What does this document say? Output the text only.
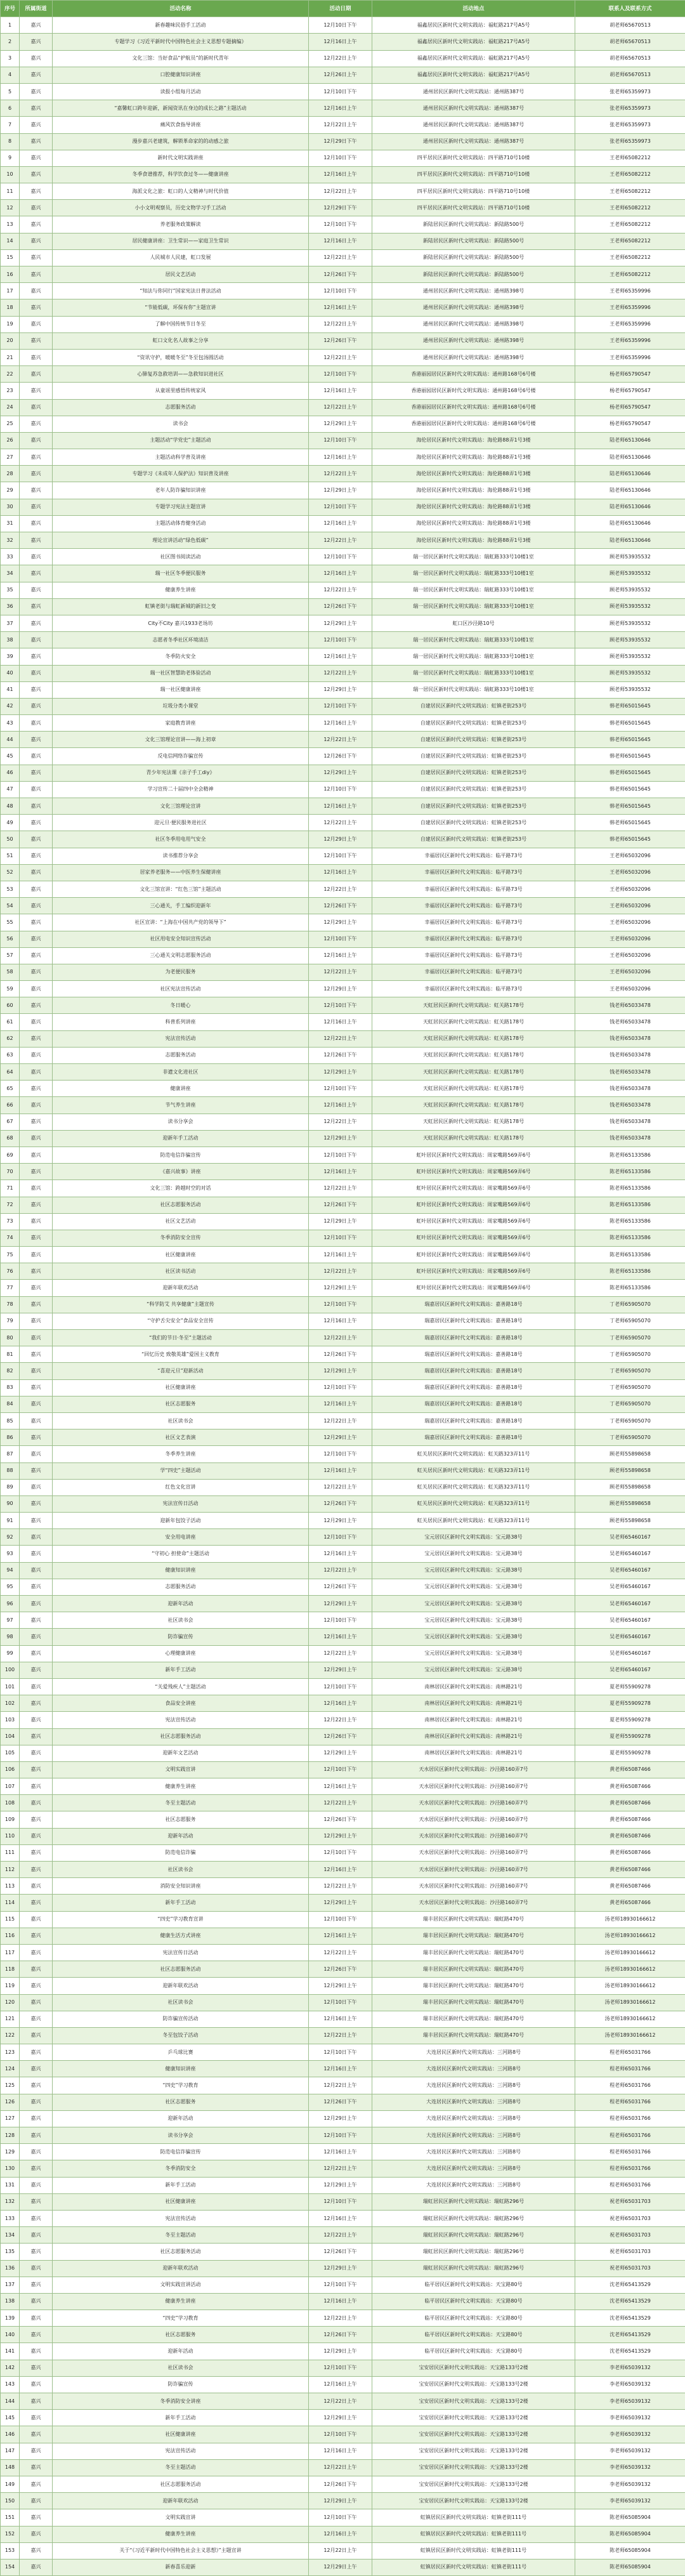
序号	所属街道	活动名称	活动日期	活动地点	联系人及联系方式
1	嘉兴	新春趣味民俗手工活动	12月10日下午	福鑫居民区新时代文明实践站：福虹路217号A5号	胡老师65670513
2	嘉兴	专题学习《习近平新时代中国特色社会主义思想专题摘编》	12月16日上午	福鑫居民区新时代文明实践站：福虹路217号A5号	胡老师65670513
3	嘉兴	文化三馆：当好食品“护航员”的新时代青年	12月22日上午	福鑫居民区新时代文明实践站：福虹路217号A5号	胡老师65670513
4	嘉兴	口腔健康知识讲座	12月26日上午	福鑫居民区新时代文明实践站：福虹路217号A5号	胡老师65670513
5	嘉兴	读报小组每月活动	12月10日下午	通州居民区新时代文明实践站：通州路387号	张老师65359973
6	嘉兴	“嘉馨虹口跨年迎新，新闻资讯在身边的成长之路”主题活动	12月16日上午	通州居民区新时代文明实践站：通州路387号	张老师65359973
7	嘉兴	痛风饮食指导讲座	12月22日上午	通州居民区新时代文明实践站：通州路387号	张老师65359973
8	嘉兴	漫步嘉兴老建筑，解锁革命家的的动感之旅	12月29日下午	通州居民区新时代文明实践站：通州路387号	张老师65359973
9	嘉兴	新时代文明实践讲座	12月10日下午	四平居民区新时代文明实践站：四平路710号10楼	王老师65082212
10	嘉兴	冬季食谱推荐，科学饮食过冬——健康讲座	12月16日上午	四平居民区新时代文明实践站：四平路710号10楼	王老师65082212
11	嘉兴	海派文化之旅：虹口的人文精神与时代价值	12月22日上午	四平居民区新时代文明实践站：四平路710号10楼	王老师65082212
12	嘉兴	小小文明观察员，历史文物学习手工活动	12月29日下午	四平居民区新时代文明实践站：四平路710号10楼	王老师65082212
13	嘉兴	养老服务政策解读	12月10日下午	新陆居民区新时代文明实践站：新陆路500号	王老师65082212
14	嘉兴	居民健康讲座：卫生常识——家庭卫生常识	12月16日上午	新陆居民区新时代文明实践站：新陆路500号	王老师65082212
15	嘉兴	人民城市人民建，虹口发展	12月22日上午	新陆居民区新时代文明实践站：新陆路500号	王老师65082212
16	嘉兴	居民文艺活动	12月26日下午	新陆居民区新时代文明实践站：新陆路500号	王老师65082212
17	嘉兴	“知法与你同行”国家宪法日普法活动	12月10日下午	通州居民区新时代文明实践站：通州路398号	王老师65359996
18	嘉兴	“节能低碳，环保有你”主题宣讲	12月16日上午	通州居民区新时代文明实践站：通州路398号	王老师65359996
19	嘉兴	了解中国传统节日冬至	12月22日上午	通州居民区新时代文明实践站：通州路398号	王老师65359996
20	嘉兴	虹口文化名人故事之分享	12月26日下午	通州居民区新时代文明实践站：通州路398号	王老师65359996
21	嘉兴	“资讯守护，暖暖冬至”冬至包汤圆活动	12月22日上午	通州居民区新时代文明实践站：通州路398号	王老师65359996
22	嘉兴	心肺复苏急救培训——急救知识进社区	12月10日下午	香港丽园居民区新时代文明实践站：通州路168号6号楼	杨老师65790547
23	嘉兴	从童谣里感悟传统家风	12月16日上午	香港丽园居民区新时代文明实践站：通州路168号6号楼	杨老师65790547
24	嘉兴	志愿服务活动	12月22日上午	香港丽园居民区新时代文明实践站：通州路168号6号楼	杨老师65790547
25	嘉兴	读书会	12月29日上午	香港丽园居民区新时代文明实践站：通州路168号6号楼	杨老师65790547
26	嘉兴	主题活动“学党史”主题活动	12月10日下午	海伦居民区新时代文明实践站：海伦路88弄1号3楼	陆老师65130646
27	嘉兴	主题活动科学普及讲座	12月16日上午	海伦居民区新时代文明实践站：海伦路88弄1号3楼	陆老师65130646
28	嘉兴	专题学习《未成年人保护法》知识普及讲座	12月22日上午	海伦居民区新时代文明实践站：海伦路88弄1号3楼	陆老师65130646
29	嘉兴	老年人防诈骗知识讲座	12月29日上午	海伦居民区新时代文明实践站：海伦路88弄1号3楼	陆老师65130646
30	嘉兴	专题学习宪法主题宣讲	12月10日下午	海伦居民区新时代文明实践站：海伦路88弄1号3楼	陆老师65130646
31	嘉兴	主题活动体育健身活动	12月16日上午	海伦居民区新时代文明实践站：海伦路88弄1号3楼	陆老师65130646
32	嘉兴	理论宣讲活动“绿色低碳”	12月22日上午	海伦居民区新时代文明实践站：海伦路88弄1号3楼	陆老师65130646
33	嘉兴	社区图书阅读活动	12月10日下午	瑞一居民区新时代文明实践站：瑞虹路333号10楼1室	顾老师53935532
34	嘉兴	瑞一社区冬季便民服务	12月16日上午	瑞一居民区新时代文明实践站：瑞虹路333号10楼1室	顾老师53935532
35	嘉兴	健康养生讲座	12月22日上午	瑞一居民区新时代文明实践站：瑞虹路333号10楼1室	顾老师53935532
36	嘉兴	虹镇老街与瑞虹新城的新旧之变	12月26日下午	瑞一居民区新时代文明实践站：瑞虹路333号10楼1室	顾老师53935532
37	嘉兴	City不City 嘉兴1933老场坊	12月29日上午	虹口区沙泾路10号	顾老师53935532
38	嘉兴	志愿者冬季社区环境清洁	12月10日下午	瑞一居民区新时代文明实践站：瑞虹路333号10楼1室	顾老师53935532
39	嘉兴	冬季防火安全	12月16日上午	瑞一居民区新时代文明实践站：瑞虹路333号10楼1室	顾老师53935532
40	嘉兴	瑞一社区智慧助老体验活动	12月22日上午	瑞一居民区新时代文明实践站：瑞虹路333号10楼1室	顾老师53935532
41	嘉兴	瑞一社区健康讲座	12月29日上午	瑞一居民区新时代文明实践站：瑞虹路333号10楼1室	顾老师53935532
42	嘉兴	垃圾分类小课堂	12月10日下午	自建居民区新时代文明实践站：虹镇老街253号	韩老师65015645
43	嘉兴	家庭教育讲座	12月16日上午	自建居民区新时代文明实践站：虹镇老街253号	韩老师65015645
44	嘉兴	文化三馆理论宣讲——海上初章	12月22日上午	自建居民区新时代文明实践站：虹镇老街253号	韩老师65015645
45	嘉兴	反电信网络诈骗宣传	12月26日下午	自建居民区新时代文明实践站：虹镇老街253号	韩老师65015645
46	嘉兴	青少年宪法课《亲子手工diy》	12月29日上午	自建居民区新时代文明实践站：虹镇老街253号	韩老师65015645
47	嘉兴	学习宣传二十届四中全会精神	12月10日下午	自建居民区新时代文明实践站：虹镇老街253号	韩老师65015645
48	嘉兴	文化三馆理论宣讲	12月16日上午	自建居民区新时代文明实践站：虹镇老街253号	韩老师65015645
49	嘉兴	迎元旦·便民服务进社区	12月22日上午	自建居民区新时代文明实践站：虹镇老街253号	韩老师65015645
50	嘉兴	社区冬季用电用气安全	12月29日上午	自建居民区新时代文明实践站：虹镇老街253号	韩老师65015645
51	嘉兴	读书推荐分享会	12月10日下午	幸福居民区新时代文明实践站：临平路73号	王老师65032096
52	嘉兴	居家养老服务——中医养生保健讲座	12月16日上午	幸福居民区新时代文明实践站：临平路73号	王老师65032096
53	嘉兴	文化三馆宣讲：“红色三馆”主题活动	12月22日上午	幸福居民区新时代文明实践站：临平路73号	王老师65032096
54	嘉兴	三心通关，手工编织迎新年	12月26日下午	幸福居民区新时代文明实践站：临平路73号	王老师65032096
55	嘉兴	社区宣讲：“上海在中国共产党的领导下”	12月29日上午	幸福居民区新时代文明实践站：临平路73号	王老师65032096
56	嘉兴	社区用电安全知识宣传活动	12月10日下午	幸福居民区新时代文明实践站：临平路73号	王老师65032096
57	嘉兴	三心通关文明志愿服务活动	12月16日上午	幸福居民区新时代文明实践站：临平路73号	王老师65032096
58	嘉兴	为老便民服务	12月22日上午	幸福居民区新时代文明实践站：临平路73号	王老师65032096
59	嘉兴	社区宪法宣传活动	12月29日上午	幸福居民区新时代文明实践站：临平路73号	王老师65032096
60	嘉兴	冬日暖心	12月10日下午	天虹居民区新时代文明实践站：虹关路178号	钱老师65033478
61	嘉兴	科普系列讲座	12月16日上午	天虹居民区新时代文明实践站：虹关路178号	钱老师65033478
62	嘉兴	宪法宣传活动	12月22日上午	天虹居民区新时代文明实践站：虹关路178号	钱老师65033478
63	嘉兴	志愿服务活动	12月26日下午	天虹居民区新时代文明实践站：虹关路178号	钱老师65033478
64	嘉兴	非遗文化进社区	12月29日上午	天虹居民区新时代文明实践站：虹关路178号	钱老师65033478
65	嘉兴	健康讲座	12月10日下午	天虹居民区新时代文明实践站：虹关路178号	钱老师65033478
66	嘉兴	节气养生讲座	12月16日上午	天虹居民区新时代文明实践站：虹关路178号	钱老师65033478
67	嘉兴	读书分享会	12月22日上午	天虹居民区新时代文明实践站：虹关路178号	钱老师65033478
68	嘉兴	迎新年手工活动	12月29日上午	天虹居民区新时代文明实践站：虹关路178号	钱老师65033478
69	嘉兴	防范电信诈骗宣传	12月10日下午	虹叶居民区新时代文明实践站：周家嘴路569弄6号	陈老师65133586
70	嘉兴	《嘉兴故事》讲座	12月16日上午	虹叶居民区新时代文明实践站：周家嘴路569弄6号	陈老师65133586
71	嘉兴	文化三馆：跨越时空的对话	12月22日上午	虹叶居民区新时代文明实践站：周家嘴路569弄6号	陈老师65133586
72	嘉兴	社区志愿服务活动	12月26日下午	虹叶居民区新时代文明实践站：周家嘴路569弄6号	陈老师65133586
73	嘉兴	社区文艺活动	12月29日上午	虹叶居民区新时代文明实践站：周家嘴路569弄6号	陈老师65133586
74	嘉兴	冬季消防安全宣传	12月10日下午	虹叶居民区新时代文明实践站：周家嘴路569弄6号	陈老师65133586
75	嘉兴	社区健康讲座	12月16日上午	虹叶居民区新时代文明实践站：周家嘴路569弄6号	陈老师65133586
76	嘉兴	社区读书活动	12月22日上午	虹叶居民区新时代文明实践站：周家嘴路569弄6号	陈老师65133586
77	嘉兴	迎新年联欢活动	12月29日上午	虹叶居民区新时代文明实践站：周家嘴路569弄6号	陈老师65133586
78	嘉兴	“科学防艾 共享健康”主题宣传	12月10日下午	瑞嘉居民区新时代文明实践站：嘉善路18号	丁老师65905070
79	嘉兴	“守护舌尖安全”食品安全宣传	12月16日上午	瑞嘉居民区新时代文明实践站：嘉善路18号	丁老师65905070
80	嘉兴	“我们的节日·冬至”主题活动	12月22日上午	瑞嘉居民区新时代文明实践站：嘉善路18号	丁老师65905070
81	嘉兴	“回忆历史 致敬英雄”爱国主义教育	12月26日下午	瑞嘉居民区新时代文明实践站：嘉善路18号	丁老师65905070
82	嘉兴	“喜迎元旦”迎新活动	12月29日上午	瑞嘉居民区新时代文明实践站：嘉善路18号	丁老师65905070
83	嘉兴	社区健康讲座	12月10日下午	瑞嘉居民区新时代文明实践站：嘉善路18号	丁老师65905070
84	嘉兴	社区志愿服务	12月16日上午	瑞嘉居民区新时代文明实践站：嘉善路18号	丁老师65905070
85	嘉兴	社区读书会	12月22日上午	瑞嘉居民区新时代文明实践站：嘉善路18号	丁老师65905070
86	嘉兴	社区文艺表演	12月29日上午	瑞嘉居民区新时代文明实践站：嘉善路18号	丁老师65905070
87	嘉兴	冬季养生讲座	12月10日下午	虹关居民区新时代文明实践站：虹关路323弄11号	顾老师55898658
88	嘉兴	学“四史”主题活动	12月16日上午	虹关居民区新时代文明实践站：虹关路323弄11号	顾老师55898658
89	嘉兴	红色文化宣讲	12月22日上午	虹关居民区新时代文明实践站：虹关路323弄11号	顾老师55898658
90	嘉兴	宪法宣传日活动	12月26日下午	虹关居民区新时代文明实践站：虹关路323弄11号	顾老师55898658
91	嘉兴	迎新年包饺子活动	12月29日上午	虹关居民区新时代文明实践站：虹关路323弄11号	顾老师55898658
92	嘉兴	安全用电讲座	12月10日下午	宝元居民区新时代文明实践站：宝元路38号	吴老师65460167
93	嘉兴	“守初心 担使命”主题活动	12月16日上午	宝元居民区新时代文明实践站：宝元路38号	吴老师65460167
94	嘉兴	健康知识讲座	12月22日上午	宝元居民区新时代文明实践站：宝元路38号	吴老师65460167
95	嘉兴	志愿服务活动	12月26日下午	宝元居民区新时代文明实践站：宝元路38号	吴老师65460167
96	嘉兴	迎新年活动	12月29日上午	宝元居民区新时代文明实践站：宝元路38号	吴老师65460167
97	嘉兴	社区读书会	12月10日下午	宝元居民区新时代文明实践站：宝元路38号	吴老师65460167
98	嘉兴	防诈骗宣传	12月16日上午	宝元居民区新时代文明实践站：宝元路38号	吴老师65460167
99	嘉兴	心理健康讲座	12月22日上午	宝元居民区新时代文明实践站：宝元路38号	吴老师65460167
100	嘉兴	新年手工活动	12月29日上午	宝元居民区新时代文明实践站：宝元路38号	吴老师65460167
101	嘉兴	“关爱残疾人”主题活动	12月10日下午	南林居民区新时代文明实践站：南林路21号	夏老师55909278
102	嘉兴	食品安全讲座	12月16日上午	南林居民区新时代文明实践站：南林路21号	夏老师55909278
103	嘉兴	宪法宣传活动	12月22日上午	南林居民区新时代文明实践站：南林路21号	夏老师55909278
104	嘉兴	社区志愿服务活动	12月26日下午	南林居民区新时代文明实践站：南林路21号	夏老师55909278
105	嘉兴	迎新年文艺活动	12月29日上午	南林居民区新时代文明实践站：南林路21号	夏老师55909278
106	嘉兴	文明实践宣讲	12月10日下午	天水居民区新时代文明实践站：沙泾路160弄7号	黄老师65087466
107	嘉兴	健康养生讲座	12月16日上午	天水居民区新时代文明实践站：沙泾路160弄7号	黄老师65087466
108	嘉兴	冬至主题活动	12月22日上午	天水居民区新时代文明实践站：沙泾路160弄7号	黄老师65087466
109	嘉兴	社区志愿服务	12月26日下午	天水居民区新时代文明实践站：沙泾路160弄7号	黄老师65087466
110	嘉兴	迎新年活动	12月29日上午	天水居民区新时代文明实践站：沙泾路160弄7号	黄老师65087466
111	嘉兴	防范电信诈骗	12月10日下午	天水居民区新时代文明实践站：沙泾路160弄7号	黄老师65087466
112	嘉兴	社区读书会	12月16日上午	天水居民区新时代文明实践站：沙泾路160弄7号	黄老师65087466
113	嘉兴	消防安全知识讲座	12月22日上午	天水居民区新时代文明实践站：沙泾路160弄7号	黄老师65087466
114	嘉兴	新年手工活动	12月29日上午	天水居民区新时代文明实践站：沙泾路160弄7号	黄老师65087466
115	嘉兴	“四史”学习教育宣讲	12月10日下午	瑞丰居民区新时代文明实践站：瑞虹路470号	汤老师18930166612
116	嘉兴	健康生活方式讲座	12月16日上午	瑞丰居民区新时代文明实践站：瑞虹路470号	汤老师18930166612
117	嘉兴	宪法宣传日活动	12月22日上午	瑞丰居民区新时代文明实践站：瑞虹路470号	汤老师18930166612
118	嘉兴	社区志愿服务活动	12月26日下午	瑞丰居民区新时代文明实践站：瑞虹路470号	汤老师18930166612
119	嘉兴	迎新年联欢活动	12月29日上午	瑞丰居民区新时代文明实践站：瑞虹路470号	汤老师18930166612
120	嘉兴	社区读书会	12月10日下午	瑞丰居民区新时代文明实践站：瑞虹路470号	汤老师18930166612
121	嘉兴	防诈骗宣传活动	12月16日上午	瑞丰居民区新时代文明实践站：瑞虹路470号	汤老师18930166612
122	嘉兴	冬至包饺子活动	12月22日上午	瑞丰居民区新时代文明实践站：瑞虹路470号	汤老师18930166612
123	嘉兴	乒乓球比赛	12月10日下午	大连居民区新时代文明实践站：三河路8号	程老师65031766
124	嘉兴	健康知识讲座	12月16日上午	大连居民区新时代文明实践站：三河路8号	程老师65031766
125	嘉兴	“四史”学习教育	12月22日上午	大连居民区新时代文明实践站：三河路8号	程老师65031766
126	嘉兴	社区志愿服务	12月26日下午	大连居民区新时代文明实践站：三河路8号	程老师65031766
127	嘉兴	迎新年活动	12月29日上午	大连居民区新时代文明实践站：三河路8号	程老师65031766
128	嘉兴	读书分享会	12月10日下午	大连居民区新时代文明实践站：三河路8号	程老师65031766
129	嘉兴	防范电信诈骗宣传	12月16日上午	大连居民区新时代文明实践站：三河路8号	程老师65031766
130	嘉兴	冬季消防安全	12月22日上午	大连居民区新时代文明实践站：三河路8号	程老师65031766
131	嘉兴	新年手工活动	12月29日上午	大连居民区新时代文明实践站：三河路8号	程老师65031766
132	嘉兴	社区健康讲座	12月10日下午	瑞虹居民区新时代文明实践站：瑞虹路296号	祝老师65031703
133	嘉兴	宪法宣传活动	12月16日上午	瑞虹居民区新时代文明实践站：瑞虹路296号	祝老师65031703
134	嘉兴	冬至主题活动	12月22日上午	瑞虹居民区新时代文明实践站：瑞虹路296号	祝老师65031703
135	嘉兴	社区志愿服务活动	12月26日下午	瑞虹居民区新时代文明实践站：瑞虹路296号	祝老师65031703
136	嘉兴	迎新年联欢活动	12月29日上午	瑞虹居民区新时代文明实践站：瑞虹路296号	祝老师65031703
137	嘉兴	文明实践宣讲活动	12月10日下午	临平居民区新时代文明实践站：天宝路80号	沈老师65413529
138	嘉兴	健康养生讲座	12月16日上午	临平居民区新时代文明实践站：天宝路80号	沈老师65413529
139	嘉兴	“四史”学习教育	12月22日上午	临平居民区新时代文明实践站：天宝路80号	沈老师65413529
140	嘉兴	社区志愿服务	12月26日下午	临平居民区新时代文明实践站：天宝路80号	沈老师65413529
141	嘉兴	迎新年活动	12月29日上午	临平居民区新时代文明实践站：天宝路80号	沈老师65413529
142	嘉兴	社区读书会	12月10日下午	宝安居民区新时代文明实践站：天宝路133号2楼	李老师65039132
143	嘉兴	防诈骗宣传	12月16日上午	宝安居民区新时代文明实践站：天宝路133号2楼	李老师65039132
144	嘉兴	冬季消防安全讲座	12月22日上午	宝安居民区新时代文明实践站：天宝路133号2楼	李老师65039132
145	嘉兴	新年手工活动	12月29日上午	宝安居民区新时代文明实践站：天宝路133号2楼	李老师65039132
146	嘉兴	社区健康讲座	12月10日下午	宝安居民区新时代文明实践站：天宝路133号2楼	李老师65039132
147	嘉兴	宪法宣传活动	12月16日上午	宝安居民区新时代文明实践站：天宝路133号2楼	李老师65039132
148	嘉兴	冬至主题活动	12月22日上午	宝安居民区新时代文明实践站：天宝路133号2楼	李老师65039132
149	嘉兴	社区志愿服务活动	12月26日下午	宝安居民区新时代文明实践站：天宝路133号2楼	李老师65039132
150	嘉兴	迎新年联欢活动	12月29日上午	宝安居民区新时代文明实践站：天宝路133号2楼	李老师65039132
151	嘉兴	文明实践宣讲	12月10日下午	虹镇居民区新时代文明实践站：虹镇老街111号	陈老师65085904
152	嘉兴	健康养生讲座	12月16日上午	虹镇居民区新时代文明实践站：虹镇老街111号	陈老师65085904
153	嘉兴	关于“《习近平新时代中国特色社会主义思想》”主题宣讲	12月22日上午	虹镇居民区新时代文明实践站：虹镇老街111号	陈老师65085904
154	嘉兴	新春喜乐迎新	12月29日上午	虹镇居民区新时代文明实践站：虹镇老街111号	陈老师65085904
